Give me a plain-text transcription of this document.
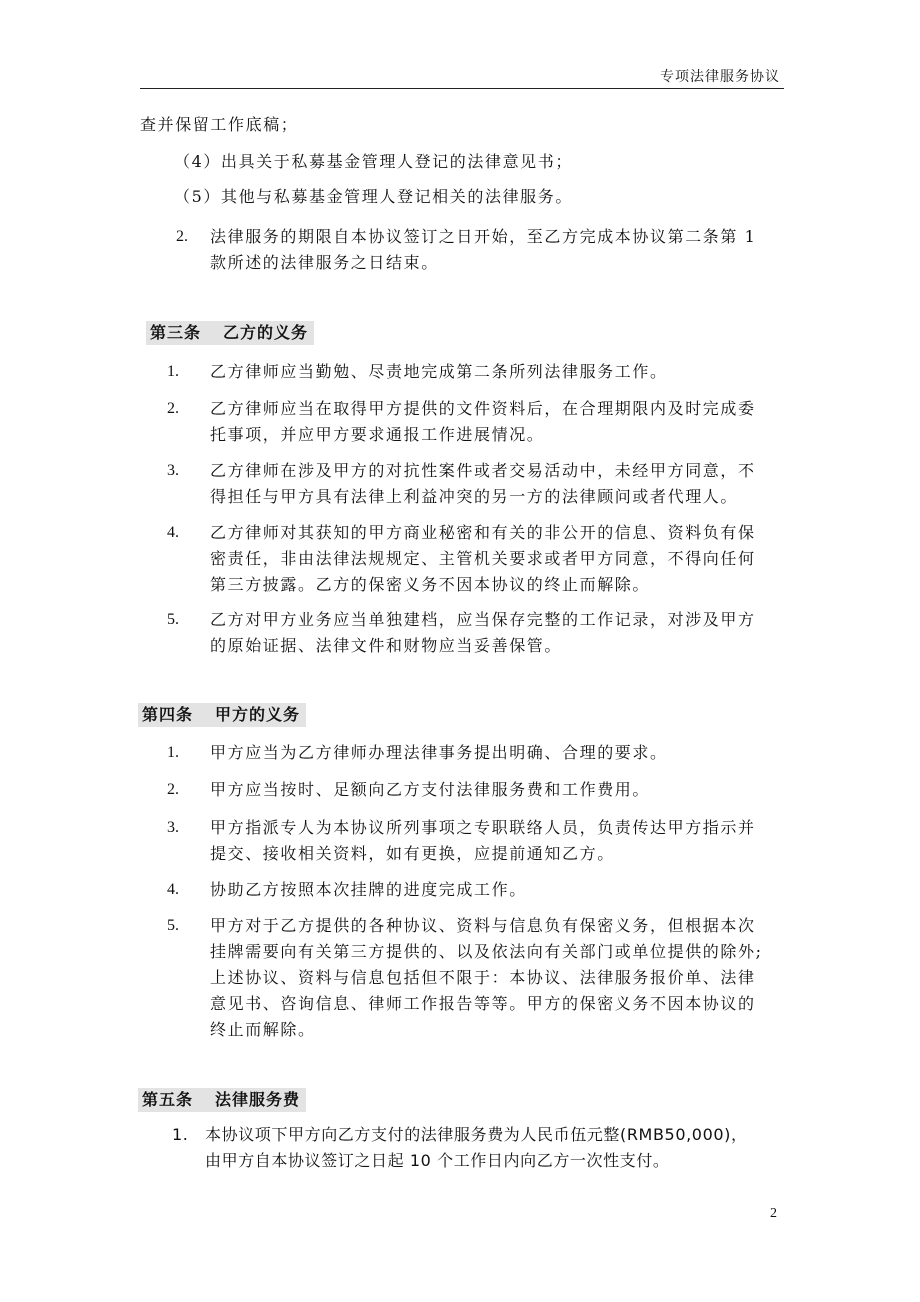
专项法律服务协议
查并保留工作底稿；
（4）出具关于私募基金管理人登记的法律意见书；
（5）其他与私募基金管理人登记相关的法律服务。
2. 法律服务的期限自本协议签订之日开始，至乙方完成本协议第二条第 1
款所述的法律服务之日结束。
第三条 乙方的义务
1. 乙方律师应当勤勉、尽责地完成第二条所列法律服务工作。
2. 乙方律师应当在取得甲方提供的文件资料后，在合理期限内及时完成委
托事项，并应甲方要求通报工作进展情况。
3. 乙方律师在涉及甲方的对抗性案件或者交易活动中，未经甲方同意，不
得担任与甲方具有法律上利益冲突的另一方的法律顾问或者代理人。
4. 乙方律师对其获知的甲方商业秘密和有关的非公开的信息、资料负有保
密责任，非由法律法规规定、主管机关要求或者甲方同意，不得向任何
第三方披露。乙方的保密义务不因本协议的终止而解除。
5. 乙方对甲方业务应当单独建档，应当保存完整的工作记录，对涉及甲方
的原始证据、法律文件和财物应当妥善保管。
第四条 甲方的义务
1. 甲方应当为乙方律师办理法律事务提出明确、合理的要求。
2. 甲方应当按时、足额向乙方支付法律服务费和工作费用。
3. 甲方指派专人为本协议所列事项之专职联络人员，负责传达甲方指示并
提交、接收相关资料，如有更换，应提前通知乙方。
4. 协助乙方按照本次挂牌的进度完成工作。
5. 甲方对于乙方提供的各种协议、资料与信息负有保密义务，但根据本次
挂牌需要向有关第三方提供的、以及依法向有关部门或单位提供的除外;
上述协议、资料与信息包括但不限于：本协议、法律服务报价单、法律
意见书、咨询信息、律师工作报告等等。甲方的保密义务不因本协议的
终止而解除。
第五条 法律服务费
1. 本协议项下甲方向乙方支付的法律服务费为人民币伍元整(RMB50,000)，
由甲方自本协议签订之日起 10 个工作日内向乙方一次性支付。
2
